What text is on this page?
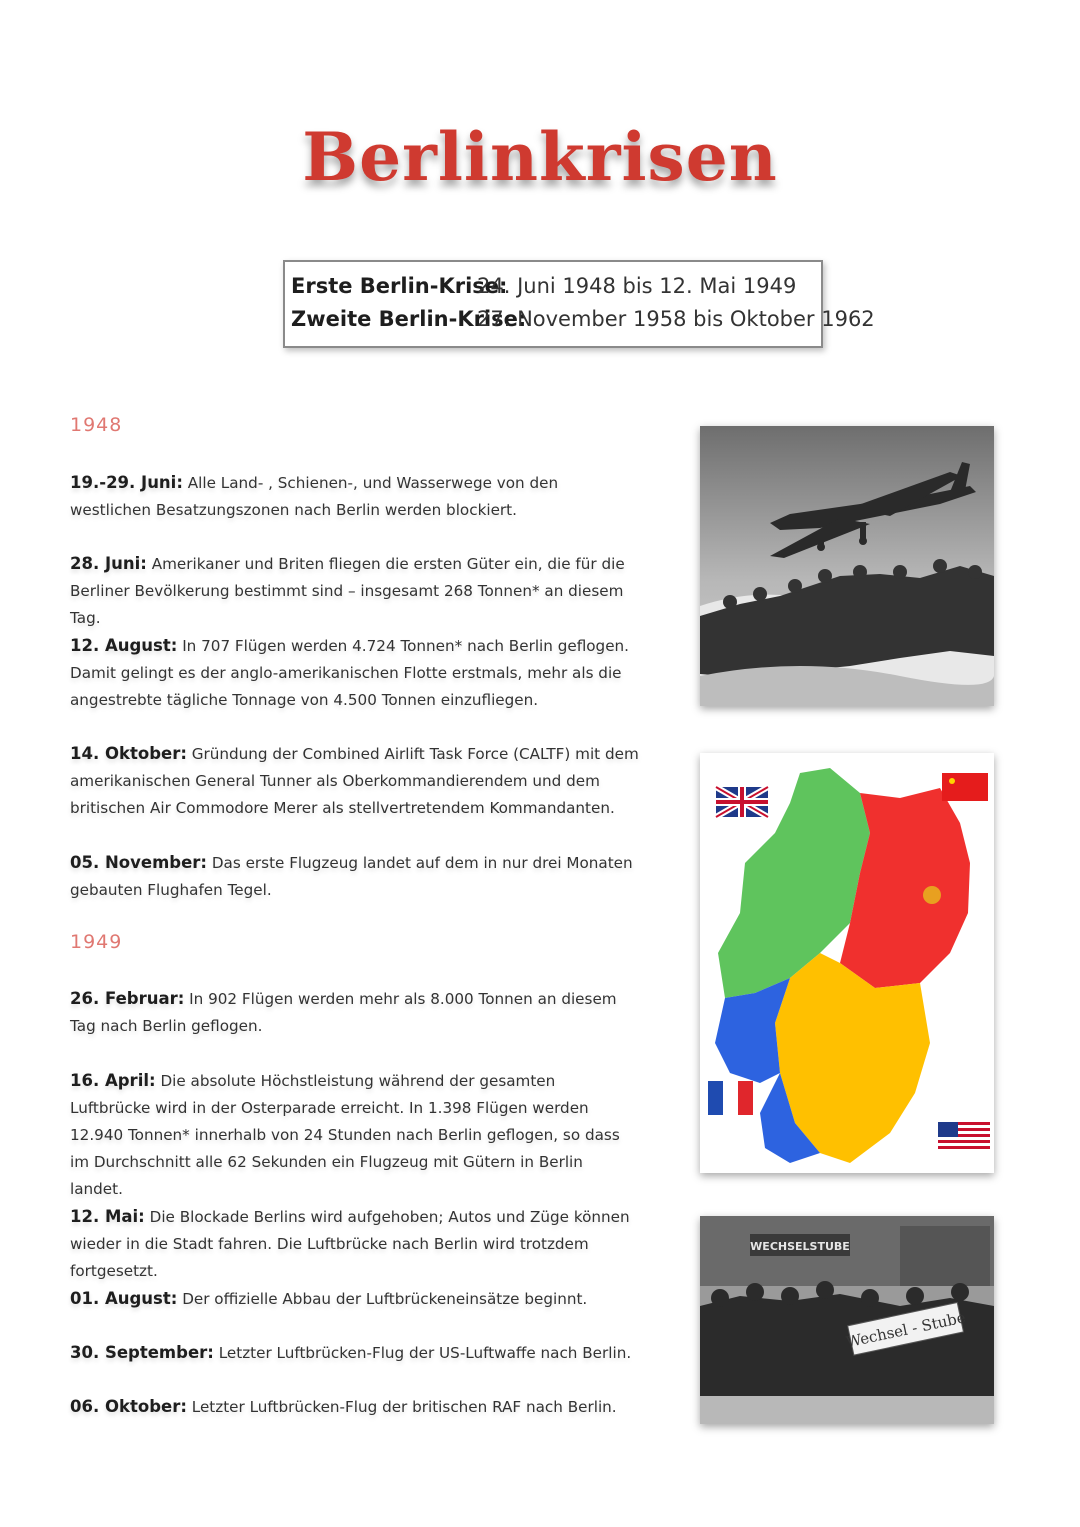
Berlinkrisen
Erste Berlin-Krise:24. Juni 1948 bis 12. Mai 1949
Zweite Berlin-Krise:27. November 1958 bis Oktober 1962
1948
19.-29. Juni: Alle Land- , Schienen-, und Wasserwege von den westlichen Besatzungszonen nach Berlin werden blockiert.
28. Juni: Amerikaner und Briten fliegen die ersten Güter ein, die für die Berliner Bevölkerung bestimmt sind – insgesamt 268 Tonnen* an diesem Tag.
12. August: In 707 Flügen werden 4.724 Tonnen* nach Berlin geflogen. Damit gelingt es der anglo-amerikanischen Flotte erstmals, mehr als die angestrebte tägliche Tonnage von 4.500 Tonnen einzufliegen.
14. Oktober: Gründung der Combined Airlift Task Force (CALTF) mit dem amerikanischen General Tunner als Oberkommandierendem und dem britischen Air Commodore Merer als stellvertretendem Kommandanten.
05. November: Das erste Flugzeug landet auf dem in nur drei Monaten gebauten Flughafen Tegel.
1949
26. Februar: In 902 Flügen werden mehr als 8.000 Tonnen an diesem Tag nach Berlin geflogen.
16. April: Die absolute Höchstleistung während der gesamten Luftbrücke wird in der Osterparade erreicht. In 1.398 Flügen werden 12.940 Tonnen* innerhalb von 24 Stunden nach Berlin geflogen, so dass im Durchschnitt alle 62 Sekunden ein Flugzeug mit Gütern in Berlin landet.
12. Mai: Die Blockade Berlins wird aufgehoben; Autos und Züge können wieder in die Stadt fahren. Die Luftbrücke nach Berlin wird trotzdem fortgesetzt.
01. August: Der offizielle Abbau der Luftbrückeneinsätze beginnt.
30. September: Letzter Luftbrücken-Flug der US-Luftwaffe nach Berlin.
06. Oktober: Letzter Luftbrücken-Flug der britischen RAF nach Berlin.
WECHSELSTUBE
Wechsel - Stube
